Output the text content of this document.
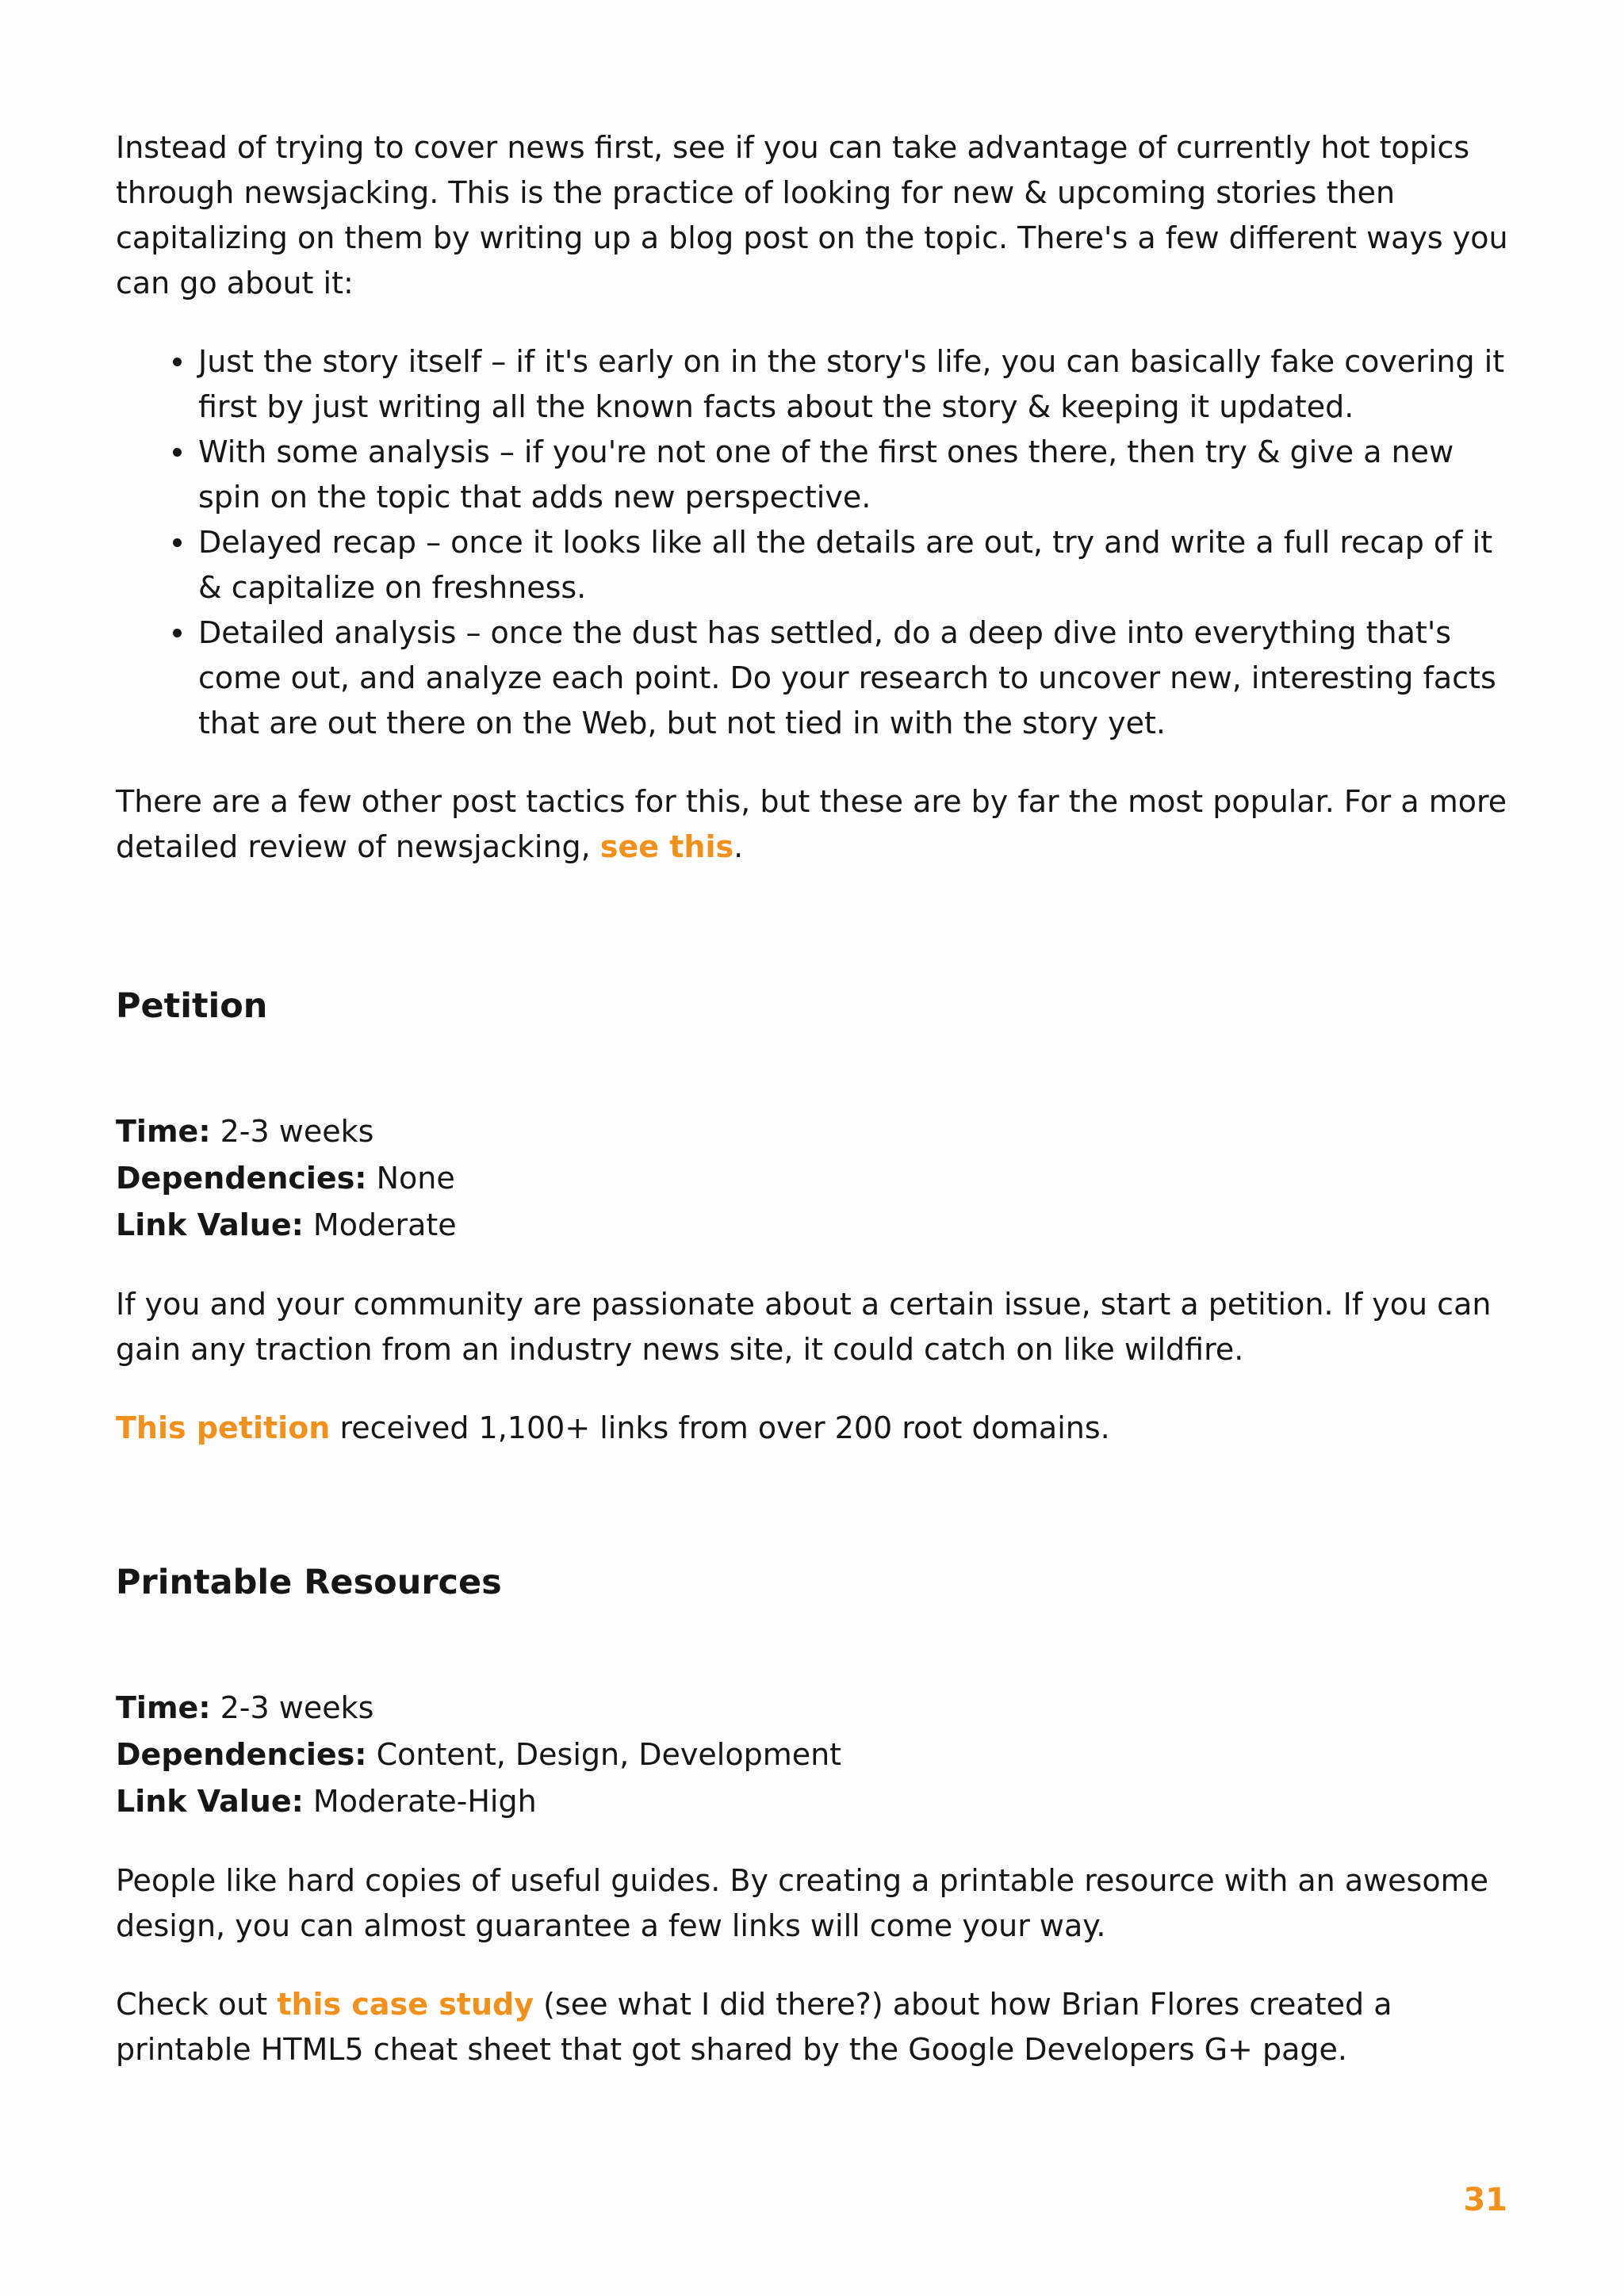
Instead of trying to cover news first, see if you can take advantage of currently hot topics through newsjacking. This is the practice of looking for new & upcoming stories then capitalizing on them by writing up a blog post on the topic. There's a few different ways you can go about it:

Just the story itself – if it's early on in the story's life, you can basically fake covering it first by just writing all the known facts about the story & keeping it updated.
With some analysis – if you're not one of the first ones there, then try & give a new spin on the topic that adds new perspective.
Delayed recap – once it looks like all the details are out, try and write a full recap of it & capitalize on freshness.
Detailed analysis – once the dust has settled, do a deep dive into everything that's come out, and analyze each point. Do your research to uncover new, interesting facts that are out there on the Web, but not tied in with the story yet.

There are a few other post tactics for this, but these are by far the most popular. For a more detailed review of newsjacking, see this.

Petition
Time: 2-3 weeks
Dependencies: None
Link Value: Moderate

If you and your community are passionate about a certain issue, start a petition. If you can gain any traction from an industry news site, it could catch on like wildfire.

This petition received 1,100+ links from over 200 root domains.

Printable Resources
Time: 2-3 weeks
Dependencies: Content, Design, Development
Link Value: Moderate-High

People like hard copies of useful guides. By creating a printable resource with an awesome design, you can almost guarantee a few links will come your way.

Check out this case study (see what I did there?) about how Brian Flores created a printable HTML5 cheat sheet that got shared by the Google Developers G+ page.

31
